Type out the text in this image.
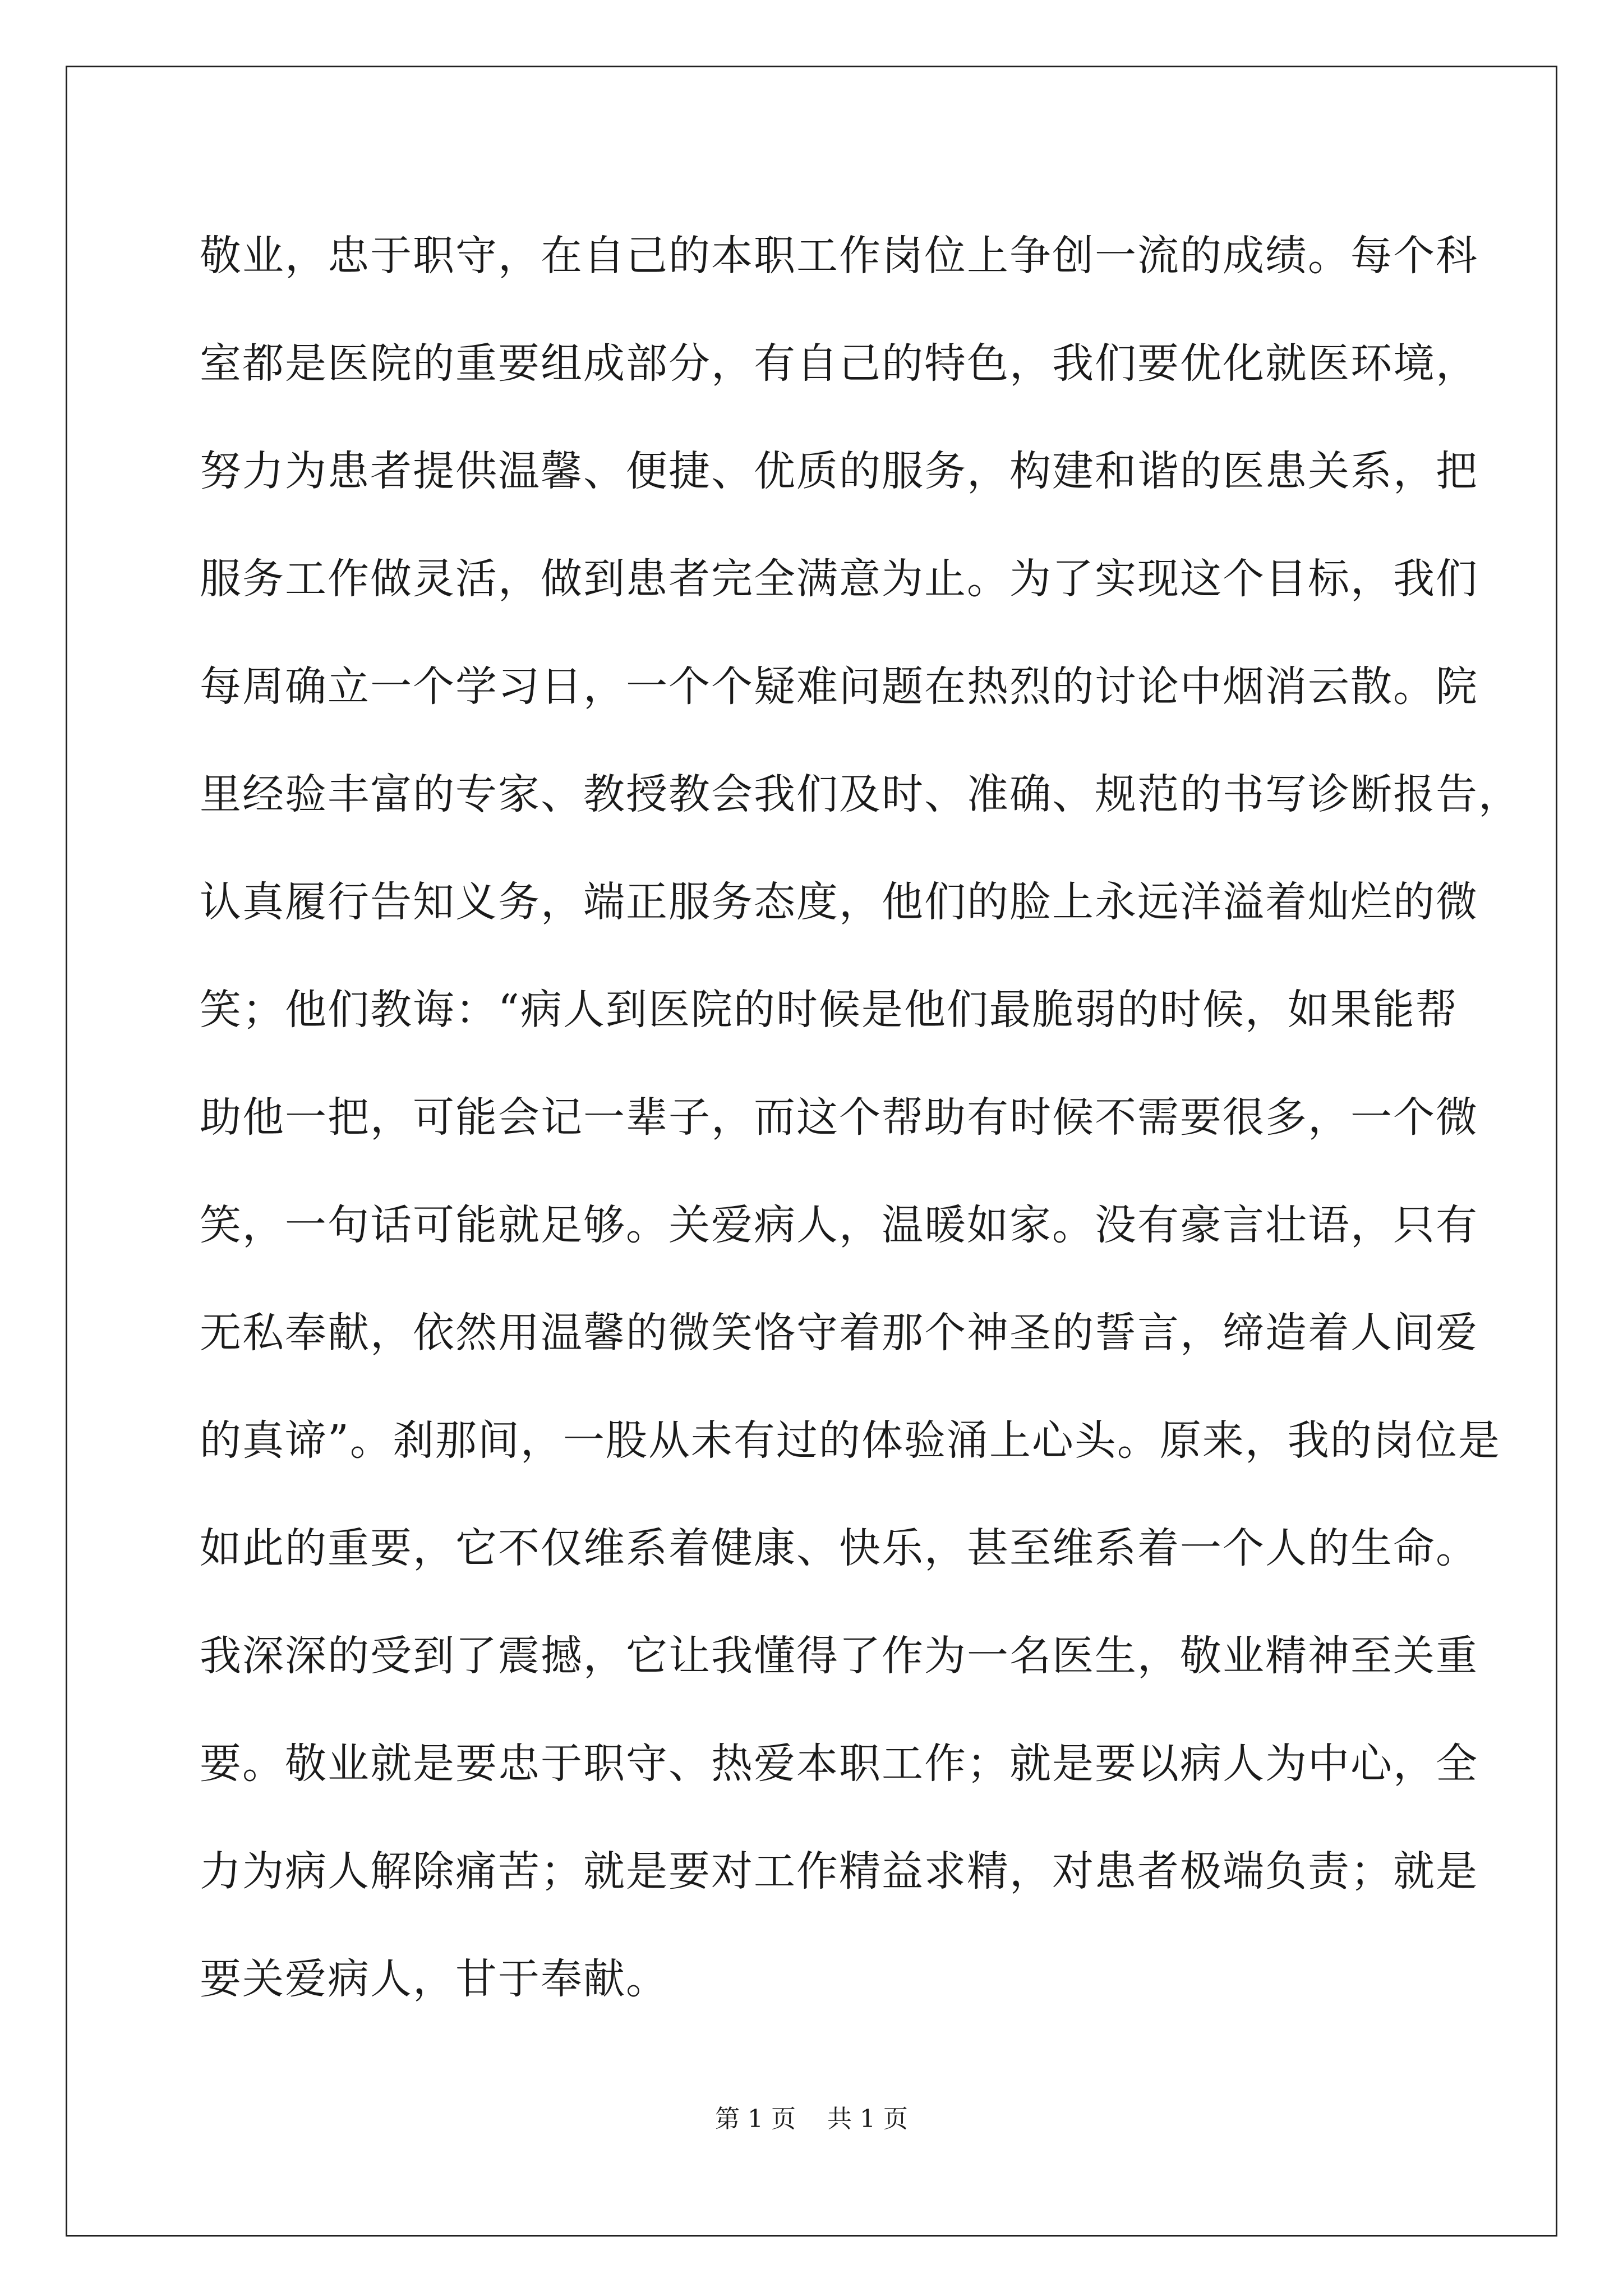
敬业，忠于职守，在自己的本职工作岗位上争创一流的成绩。每个科
室都是医院的重要组成部分，有自己的特色，我们要优化就医环境，
努力为患者提供温馨、便捷、优质的服务，构建和谐的医患关系，把
服务工作做灵活，做到患者完全满意为止。为了实现这个目标，我们
每周确立一个学习日，一个个疑难问题在热烈的讨论中烟消云散。院
里经验丰富的专家、教授教会我们及时、准确、规范的书写诊断报告，
认真履行告知义务，端正服务态度，他们的脸上永远洋溢着灿烂的微
笑；他们教诲：“病人到医院的时候是他们最脆弱的时候，如果能帮
助他一把，可能会记一辈子，而这个帮助有时候不需要很多，一个微
笑，一句话可能就足够。关爱病人，温暖如家。没有豪言壮语，只有
无私奉献，依然用温馨的微笑恪守着那个神圣的誓言，缔造着人间爱
的真谛”。刹那间，一股从未有过的体验涌上心头。原来，我的岗位是
如此的重要，它不仅维系着健康、快乐，甚至维系着一个人的生命。
我深深的受到了震撼，它让我懂得了作为一名医生，敬业精神至关重
要。敬业就是要忠于职守、热爱本职工作；就是要以病人为中心，全
力为病人解除痛苦；就是要对工作精益求精，对患者极端负责；就是
要关爱病人，甘于奉献。
第 1 页    共 1 页
